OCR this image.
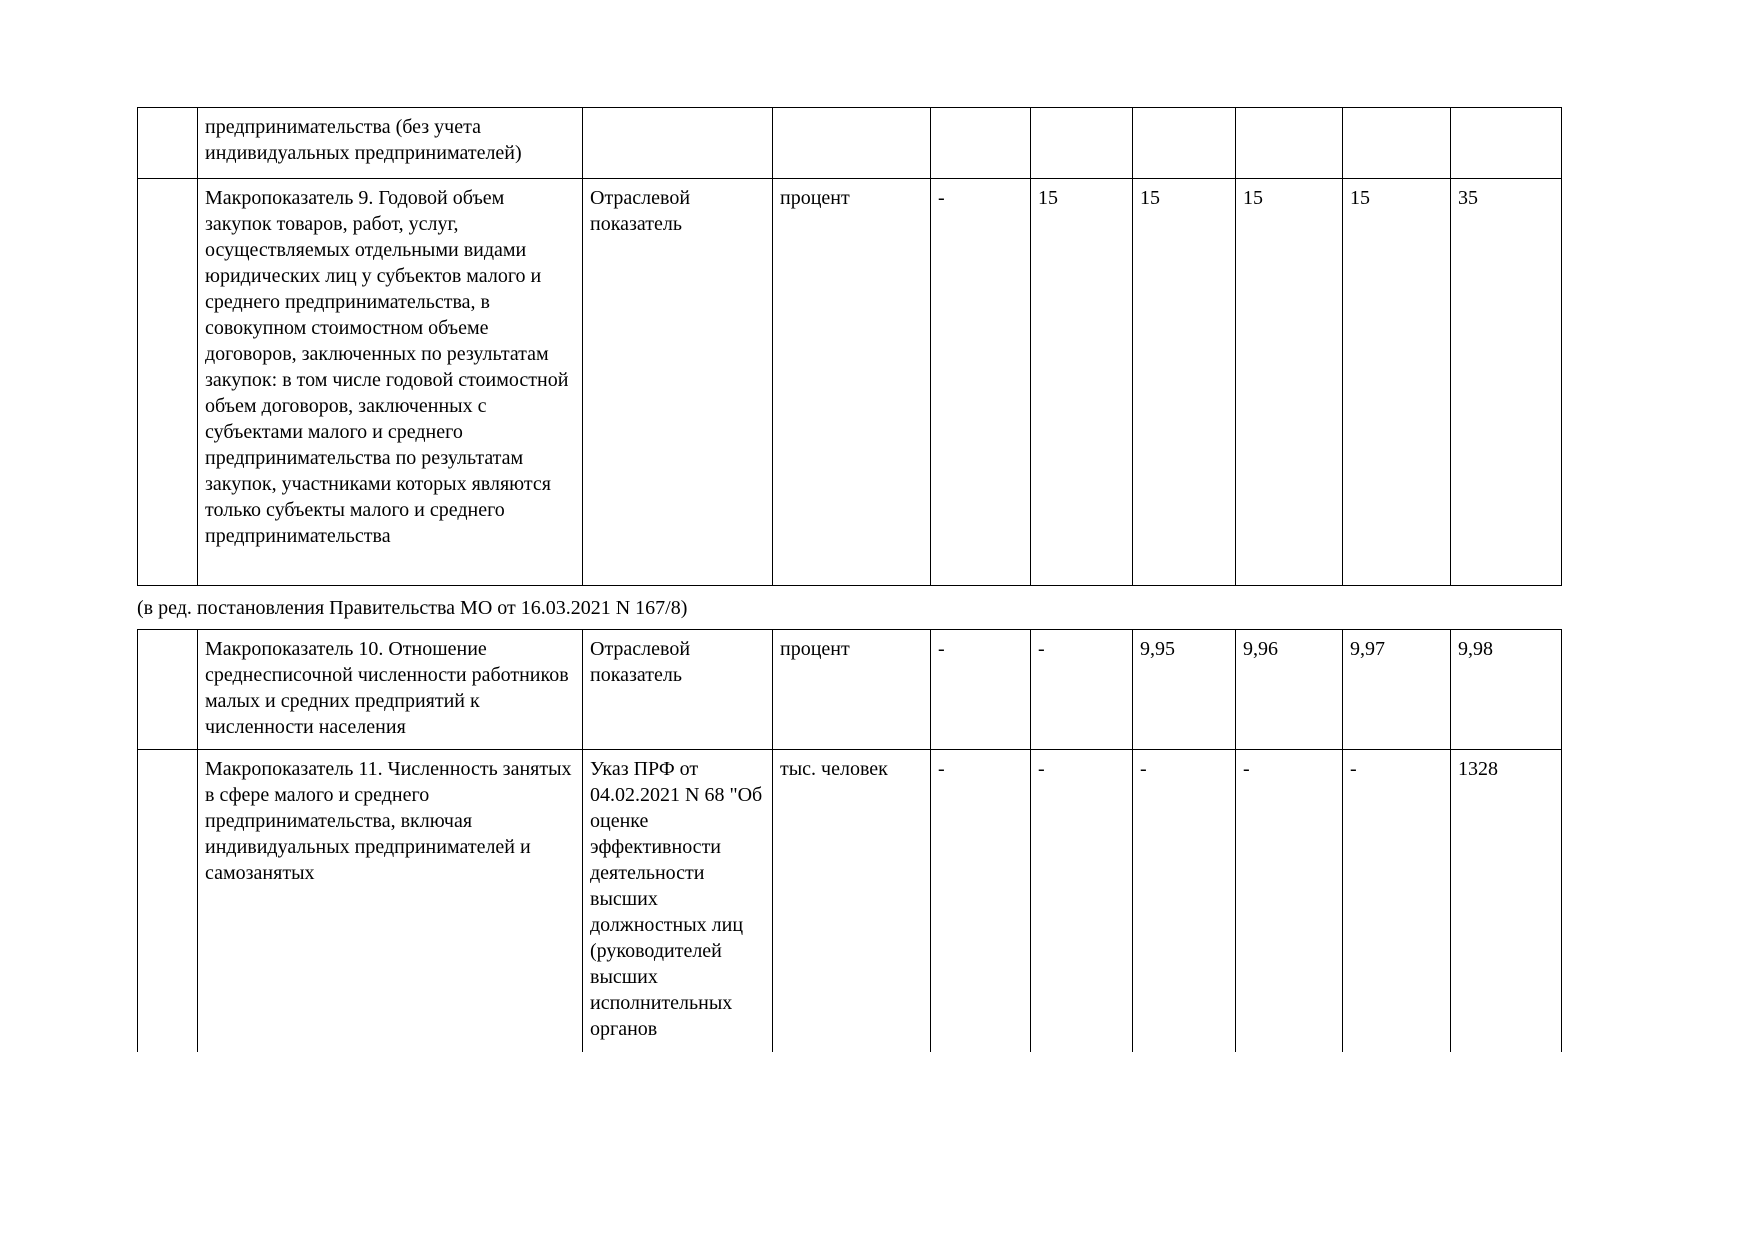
	предпринимательства (без учета индивидуальных предпринимателей)								
	Макропоказатель 9. Годовой объем закупок товаров, работ, услуг, осуществляемых отдельными видами юридических лиц у субъектов малого и среднего предпринимательства, в совокупном стоимостном объеме договоров, заключенных по результатам закупок: в том числе годовой стоимостной объем договоров, заключенных с субъектами малого и среднего предпринимательства по результатам закупок, участниками которых являются только субъекты малого и среднего предпринимательства	Отраслевой показатель	процент	-	15	15	15	15	35
(в ред. постановления Правительства МО от 16.03.2021 N 167/8)
	Макропоказатель 10. Отношение среднесписочной численности работников малых и средних предприятий к численности населения	Отраслевой показатель	процент	-	-	9,95	9,96	9,97	9,98
	Макропоказатель 11. Численность занятых в сфере малого и среднего предпринимательства, включая индивидуальных предпринимателей и самозанятых	Указ ПРФ от 04.02.2021 N 68 "Об оценке эффективности деятельности высших должностных лиц (руководителей высших исполнительных органов	тыс. человек	-	-	-	-	-	1328
